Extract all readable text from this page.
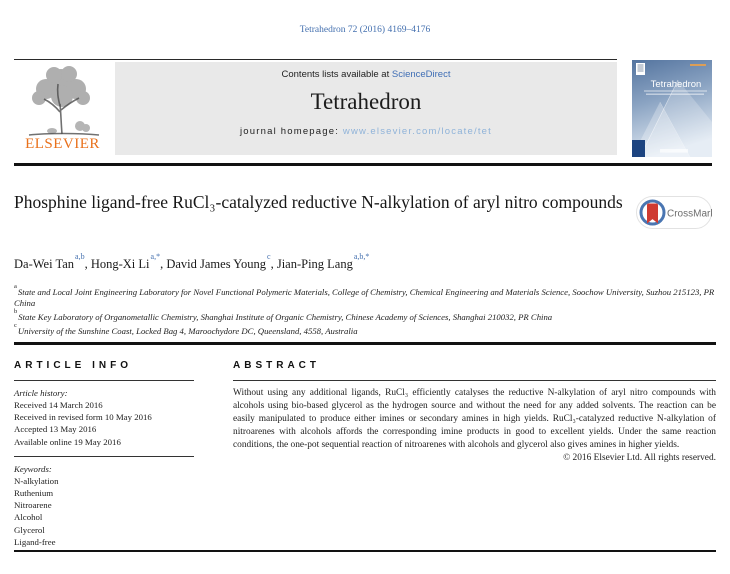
Tetrahedron 72 (2016) 4169–4176
ELSEVIER
Contents lists available at ScienceDirect
Tetrahedron
journal homepage: www.elsevier.com/locate/tet
Tetrahedron
Phosphine ligand-free RuCl₃-catalyzed reductive N-alkylation of aryl nitro compounds
CrossMark
Da-Wei Tan$^{a,b}$, Hong-Xi $Li^{a,*}$, David James Young$^c$, Jian-Ping Lang$^{a,b,*}$
$^a$State and Local Joint Engineering Laboratory for Novel Functional Polymeric Materials, College of Chemistry, Chemical Engineering and Materials Science, Soochow University, Suzhou 215123, PR China
$^b$State Key Laboratory of Organometallic Chemistry, Shanghai Institute of Organic Chemistry, Chinese Academy of Sciences, Shanghai 210032, PR China
$^c$University of the Sunshine Coast, Locked Bag 4, Maroochydore DC, Queensland, 4558, Australia
ARTICLE INFO
Article history:
Received 14 March 2016
Received in revised form 10 May 2016
Accepted 13 May 2016
Available online 19 May 2016
Keywords:
N-alkylation
Ruthenium
Nitroarene
Alcohol
Glycerol
Ligand-free
ABSTRACT
Without using any additional ligands, RuCl₃ efficiently catalyses the reductive N-alkylation of aryl nitro compounds with alcohols using bio-based glycerol as the hydrogen source and without the need for any added solvents. The reaction can be easily manipulated to produce either imines or secondary amines in high yields. RuCl₃-catalyzed reductive N-alkylation of nitroarenes with alcohols affords the corresponding imine products in good to excellent yields. Under the same reaction conditions, the one-pot sequential reaction of nitroarenes with alcohols and glycerol also gives amines in higher yields.
© 2016 Elsevier Ltd. All rights reserved.
